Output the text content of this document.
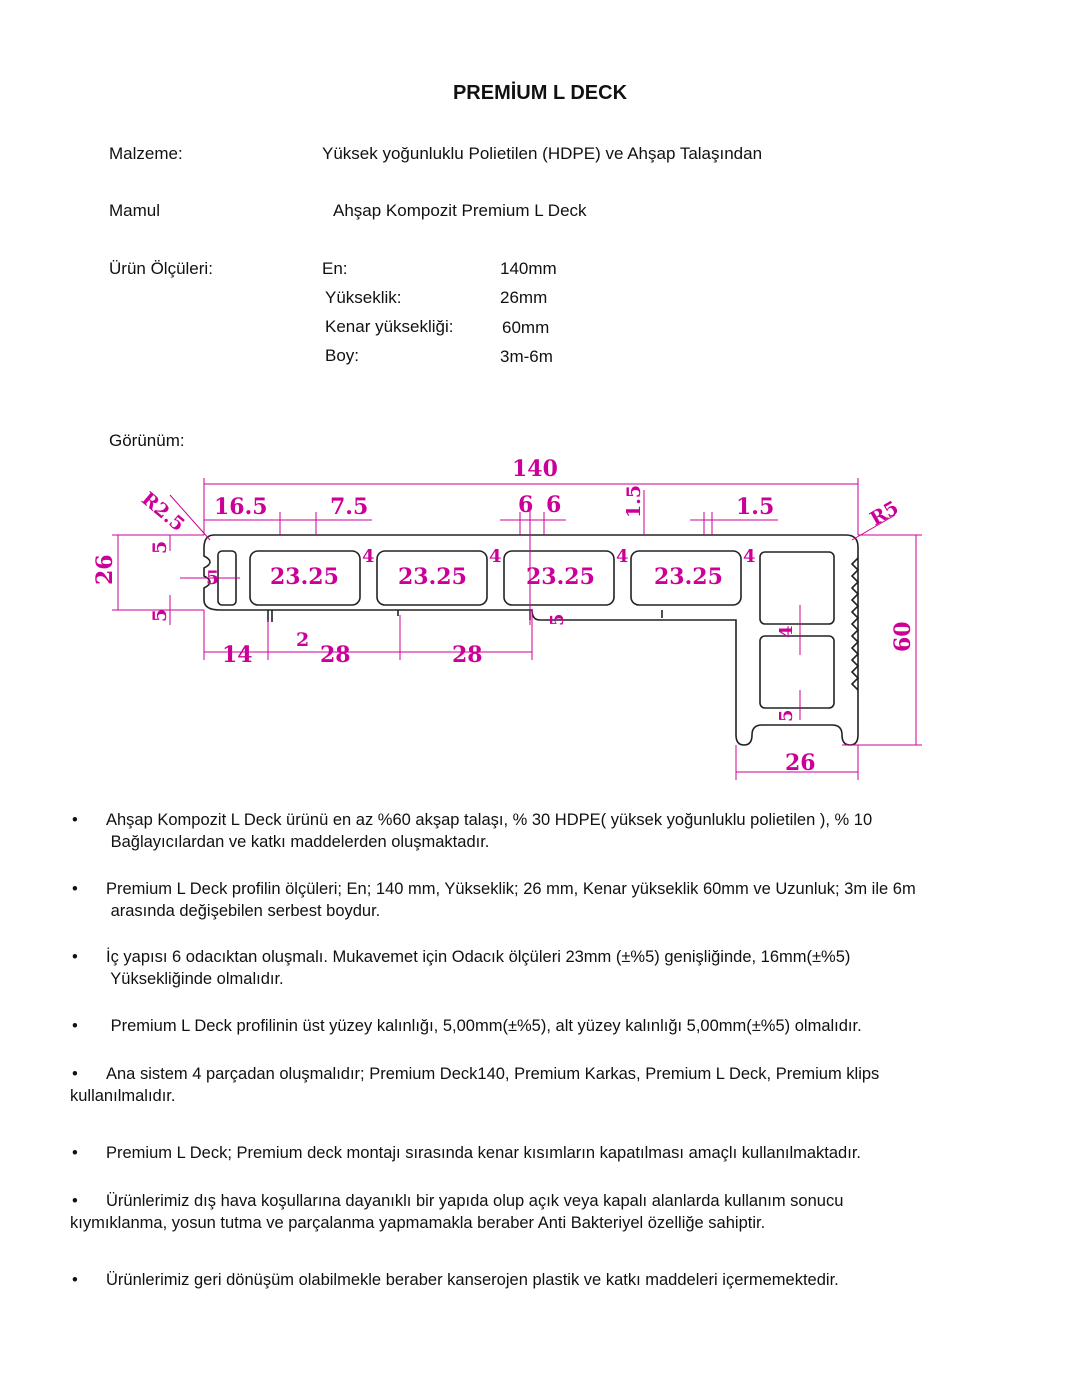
PREMİUM L DECK
Malzeme:	Yüksek yoğunluklu Polietilen (HDPE) ve Ahşap Talaşından
Mamul	Ahşap Kompozit Premium L Deck
Ürün Ölçüleri:	En:	140mm
Yükseklik:	26mm
Kenar yüksekliği:	60mm
Boy:	3m-6m
Görünüm:
140
R2.5 16.5	7.5	6 6	1.5	1.5	R5
26
5
5
5
23.25	23.25	23.25	23.25
4	4	4	4
14
2
28	28
5
4
5
60
26
• Ahşap Kompozit L Deck ürünü en az %60 akşap talaşı, % 30 HDPE( yüksek yoğunluklu polietilen ), % 10
Bağlayıcılardan ve katkı maddelerden oluşmaktadır.
• Premium L Deck profilin ölçüleri; En; 140 mm, Yükseklik; 26 mm, Kenar yükseklik 60mm ve Uzunluk; 3m ile 6m
arasında değişebilen serbest boydur.
• İç yapısı 6 odacıktan oluşmalı. Mukavemet için Odacık ölçüleri 23mm (±%5) genişliğinde, 16mm(±%5)
Yüksekliğinde olmalıdır.
• Premium L Deck profilinin üst yüzey kalınlığı, 5,00mm(±%5), alt yüzey kalınlığı 5,00mm(±%5) olmalıdır.
• Ana sistem 4 parçadan oluşmalıdır; Premium Deck140, Premium Karkas, Premium L Deck, Premium klips
kullanılmalıdır.
• Premium L Deck; Premium deck montajı sırasında kenar kısımların kapatılması amaçlı kullanılmaktadır.
• Ürünlerimiz dış hava koşullarına dayanıklı bir yapıda olup açık veya kapalı alanlarda kullanım sonucu
kıymıklanma, yosun tutma ve parçalanma yapmamakla beraber Anti Bakteriyel özelliğe sahiptir.
• Ürünlerimiz geri dönüşüm olabilmekle beraber kanserojen plastik ve katkı maddeleri içermemektedir.
